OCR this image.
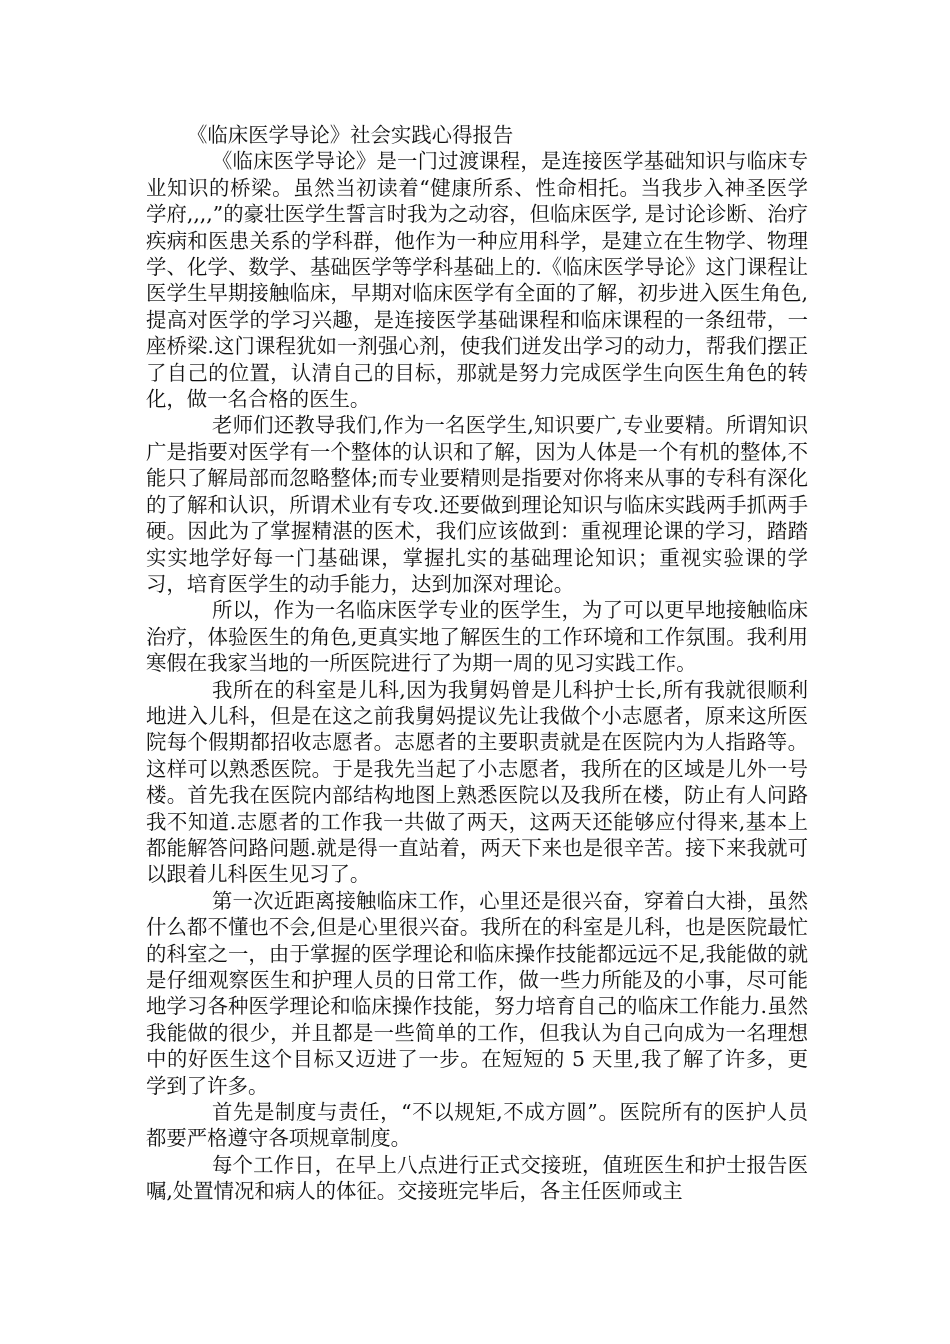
《临床医学导论》社会实践心得报告

《临床医学导论》是一门过渡课程，是连接医学基础知识与临床专业知识的桥梁。虽然当初读着“健康所系、性命相托。当我步入神圣医学学府,,,,”的豪壮医学生誓言时我为之动容，但临床医学, 是讨论诊断、治疗疾病和医患关系的学科群，他作为一种应用科学，是建立在生物学、物理学、化学、数学、基础医学等学科基础上的.《临床医学导论》这门课程让医学生早期接触临床，早期对临床医学有全面的了解，初步进入医生角色, 提高对医学的学习兴趣，是连接医学基础课程和临床课程的一条纽带，一座桥梁.这门课程犹如一剂强心剂，使我们迸发出学习的动力，帮我们摆正了自己的位置，认清自己的目标，那就是努力完成医学生向医生角色的转化，做一名合格的医生。

老师们还教导我们,作为一名医学生,知识要广,专业要精。所谓知识广是指要对医学有一个整体的认识和了解，因为人体是一个有机的整体,不能只了解局部而忽略整体;而专业要精则是指要对你将来从事的专科有深化的了解和认识，所谓术业有专攻.还要做到理论知识与临床实践两手抓两手硬。因此为了掌握精湛的医术，我们应该做到：重视理论课的学习，踏踏实实地学好每一门基础课，掌握扎实的基础理论知识；重视实验课的学习，培育医学生的动手能力，达到加深对理论。

所以，作为一名临床医学专业的医学生，为了可以更早地接触临床治疗，体验医生的角色,更真实地了解医生的工作环境和工作氛围。我利用寒假在我家当地的一所医院进行了为期一周的见习实践工作。

我所在的科室是儿科,因为我舅妈曾是儿科护士长,所有我就很顺利地进入儿科，但是在这之前我舅妈提议先让我做个小志愿者，原来这所医院每个假期都招收志愿者。志愿者的主要职责就是在医院内为人指路等。这样可以熟悉医院。于是我先当起了小志愿者，我所在的区域是儿外一号楼。首先我在医院内部结构地图上熟悉医院以及我所在楼，防止有人问路我不知道.志愿者的工作我一共做了两天，这两天还能够应付得来,基本上都能解答问路问题.就是得一直站着，两天下来也是很辛苦。接下来我就可以跟着儿科医生见习了。

第一次近距离接触临床工作，心里还是很兴奋，穿着白大褂，虽然什么都不懂也不会,但是心里很兴奋。我所在的科室是儿科，也是医院最忙的科室之一，由于掌握的医学理论和临床操作技能都远远不足,我能做的就是仔细观察医生和护理人员的日常工作，做一些力所能及的小事，尽可能地学习各种医学理论和临床操作技能，努力培育自己的临床工作能力.虽然我能做的很少，并且都是一些简单的工作，但我认为自己向成为一名理想中的好医生这个目标又迈进了一步。在短短的 5 天里,我了解了许多，更学到了许多。

首先是制度与责任，“不以规矩,不成方圆”。医院所有的医护人员都要严格遵守各项规章制度。

每个工作日，在早上八点进行正式交接班，值班医生和护士报告医嘱,处置情况和病人的体征。交接班完毕后，各主任医师或主
